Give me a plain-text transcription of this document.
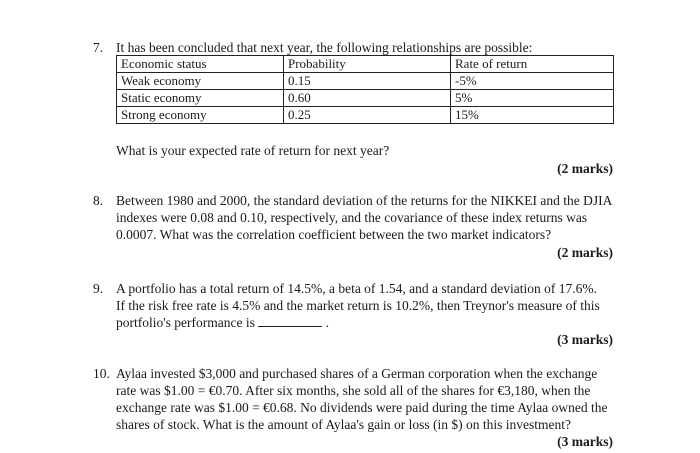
7. It has been concluded that next year, the following relationships are possible:
Economic status	Probability	Rate of return
Weak economy	0.15	-5%
Static economy	0.60	5%
Strong economy	0.25	15%
What is your expected rate of return for next year?
(2 marks)
8. Between 1980 and 2000, the standard deviation of the returns for the NIKKEI and the DJIA
indexes were 0.08 and 0.10, respectively, and the covariance of these index returns was
0.0007. What was the correlation coefficient between the two market indicators?
(2 marks)
9. A portfolio has a total return of 14.5%, a beta of 1.54, and a standard deviation of 17.6%.
If the risk free rate is 4.5% and the market return is 10.2%, then Treynor's measure of this
portfolio's performance is	.
(3 marks)
10. Aylaa invested $3,000 and purchased shares of a German corporation when the exchange
rate was $1.00 = €0.70. After six months, she sold all of the shares for €3,180, when the
exchange rate was $1.00 = €0.68. No dividends were paid during the time Aylaa owned the
shares of stock. What is the amount of Aylaa's gain or loss (in $) on this investment?
(3 marks)
